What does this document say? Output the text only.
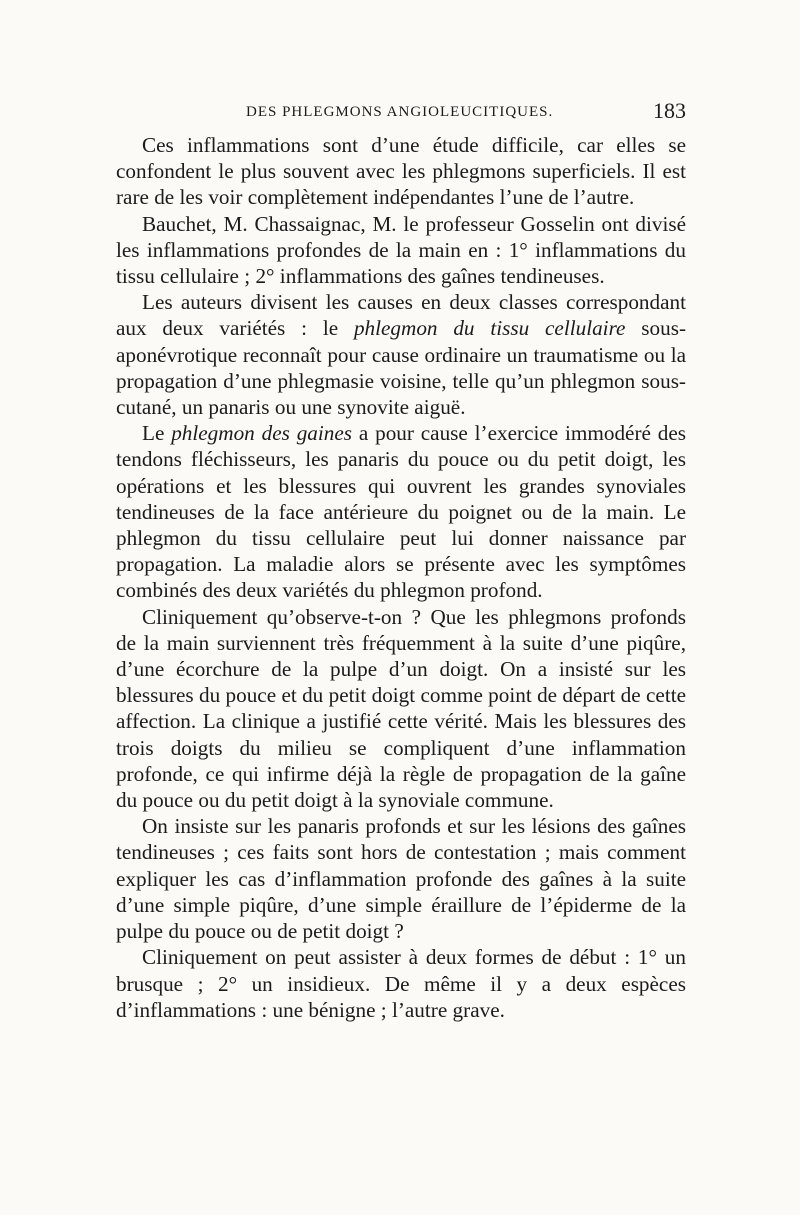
DES PHLEGMONS ANGIOLEUCITIQUES.	183

Ces inflammations sont d’une étude difficile, car elles se confondent le plus souvent avec les phlegmons superficiels. Il est rare de les voir complètement indépendantes l’une de l’autre.

Bauchet, M. Chassaignac, M. le professeur Gosselin ont divisé les inflammations profondes de la main en : 1° inflammations du tissu cellulaire ; 2° inflammations des gaînes tendineuses.

Les auteurs divisent les causes en deux classes correspondant aux deux variétés : le phlegmon du tissu cellulaire sous-aponévrotique reconnaît pour cause ordinaire un traumatisme ou la propagation d’une phlegmasie voisine, telle qu’un phlegmon sous-cutané, un panaris ou une synovite aiguë.

Le phlegmon des gaines a pour cause l’exercice immodéré des tendons fléchisseurs, les panaris du pouce ou du petit doigt, les opérations et les blessures qui ouvrent les grandes synoviales tendineuses de la face antérieure du poignet ou de la main. Le phlegmon du tissu cellulaire peut lui donner naissance par propagation. La maladie alors se présente avec les symptômes combinés des deux variétés du phlegmon profond.

Cliniquement qu’observe-t-on ? Que les phlegmons profonds de la main surviennent très fréquemment à la suite d’une piqûre, d’une écorchure de la pulpe d’un doigt. On a insisté sur les blessures du pouce et du petit doigt comme point de départ de cette affection. La clinique a justifié cette vérité. Mais les blessures des trois doigts du milieu se compliquent d’une inflammation profonde, ce qui infirme déjà la règle de propagation de la gaîne du pouce ou du petit doigt à la synoviale commune.

On insiste sur les panaris profonds et sur les lésions des gaînes tendineuses ; ces faits sont hors de contestation ; mais comment expliquer les cas d’inflammation profonde des gaînes à la suite d’une simple piqûre, d’une simple éraillure de l’épiderme de la pulpe du pouce ou de petit doigt ?

Cliniquement on peut assister à deux formes de début : 1° un brusque ; 2° un insidieux. De même il y a deux espèces d’inflammations : une bénigne ; l’autre grave.
